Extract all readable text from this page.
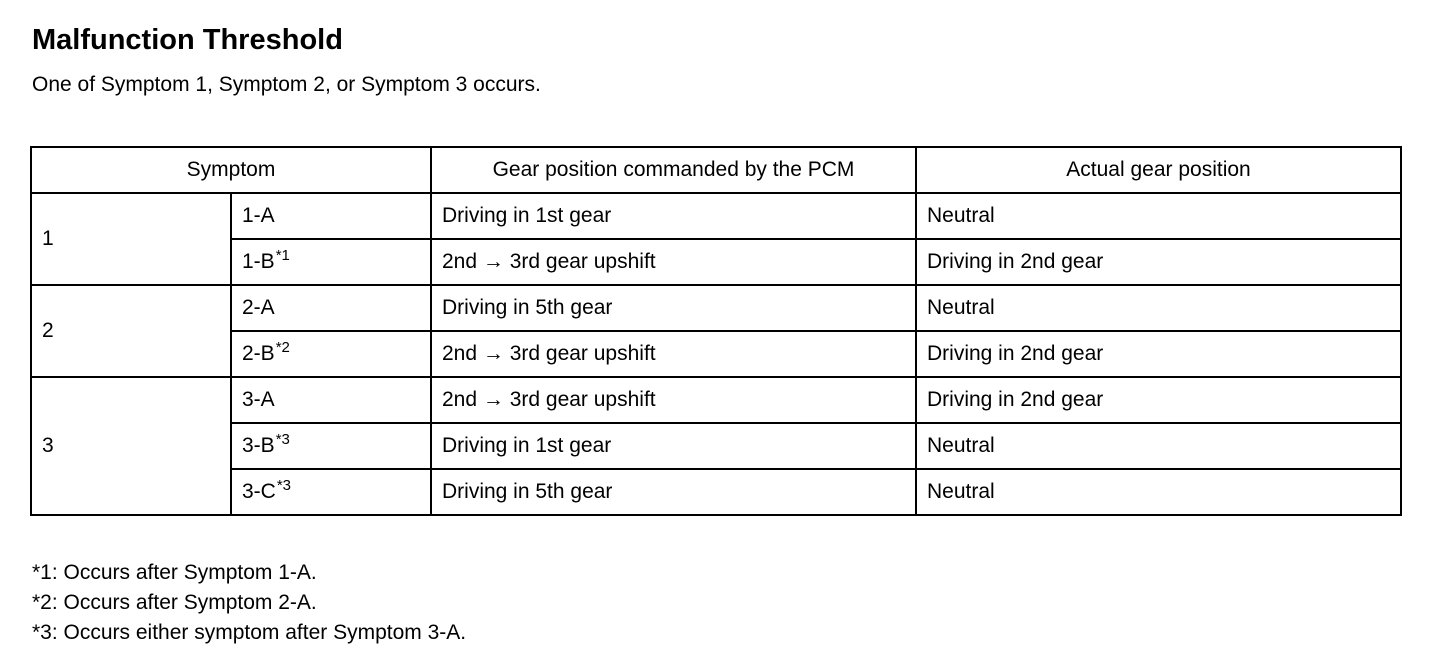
Malfunction Threshold

One of Symptom 1, Symptom 2, or Symptom 3 occurs.

Symptom		Gear position commanded by the PCM	Actual gear position
1	1-A	Driving in 1st gear	Neutral
	$1-B^{*1}$	2nd → 3rd gear upshift	Driving in 2nd gear
2	2-A	Driving in 5th gear	Neutral
	$2-B^{*2}$	2nd → 3rd gear upshift	Driving in 2nd gear
3	3-A	2nd → 3rd gear upshift	Driving in 2nd gear
	$3-B^{*3}$	Driving in 1st gear	Neutral
	$3-C^{*3}$	Driving in 5th gear	Neutral
*1: Occurs after Symptom 1-A.
*2: Occurs after Symptom 2-A.
*3: Occurs either symptom after Symptom 3-A.
